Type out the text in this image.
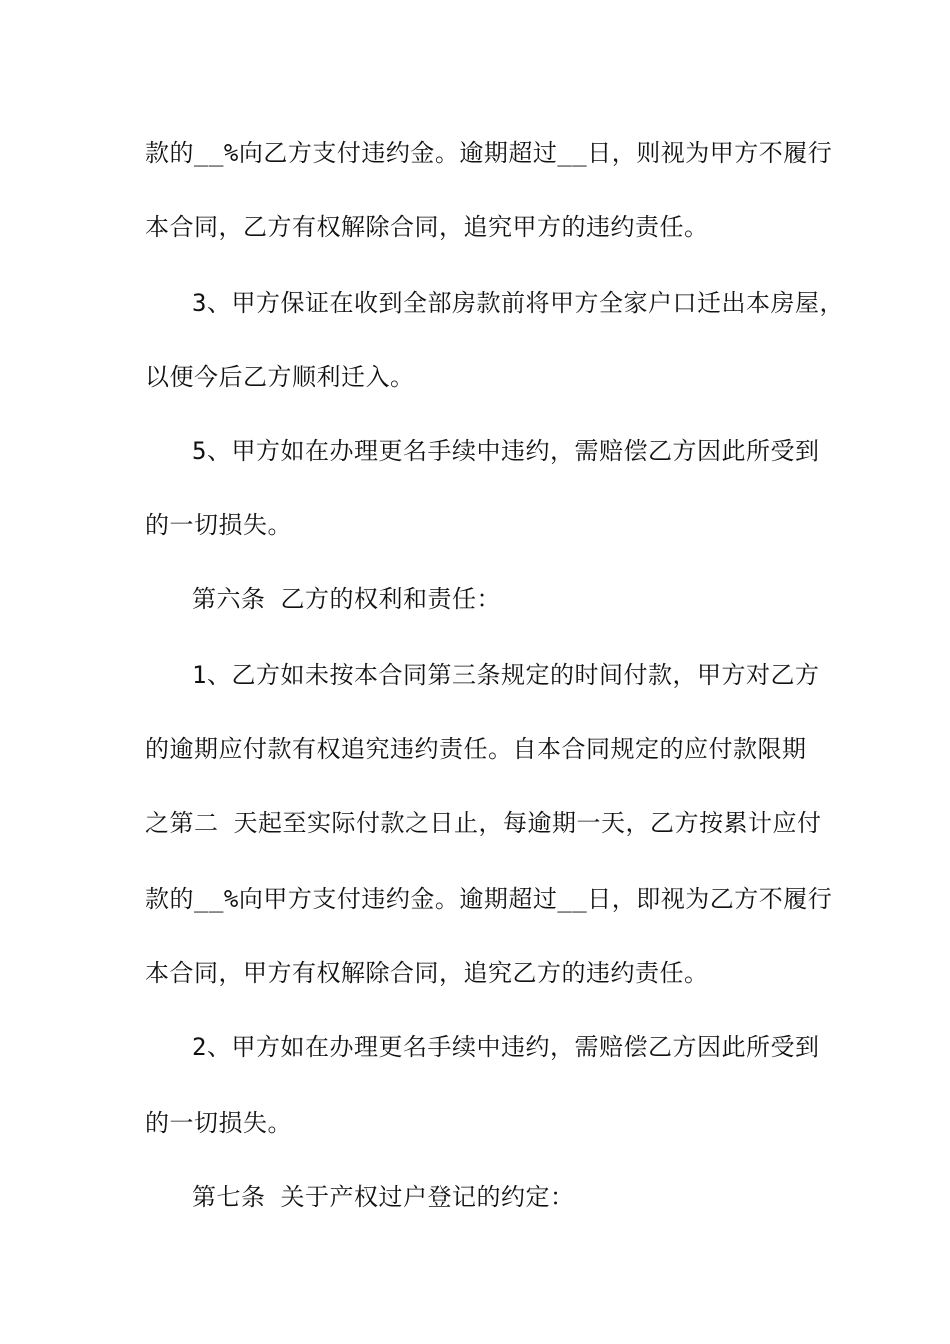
款的__%向乙方支付违约金。逾期超过__日，则视为甲方不履行
本合同，乙方有权解除合同，追究甲方的违约责任。
3、甲方保证在收到全部房款前将甲方全家户口迁出本房屋，
以便今后乙方顺利迁入。
5、甲方如在办理更名手续中违约，需赔偿乙方因此所受到
的一切损失。
第六条 乙方的权利和责任：
1、乙方如未按本合同第三条规定的时间付款，甲方对乙方
的逾期应付款有权追究违约责任。自本合同规定的应付款限期
之第二 天起至实际付款之日止，每逾期一天，乙方按累计应付
款的__%向甲方支付违约金。逾期超过__日，即视为乙方不履行
本合同，甲方有权解除合同，追究乙方的违约责任。
2、甲方如在办理更名手续中违约，需赔偿乙方因此所受到
的一切损失。
第七条 关于产权过户登记的约定：
